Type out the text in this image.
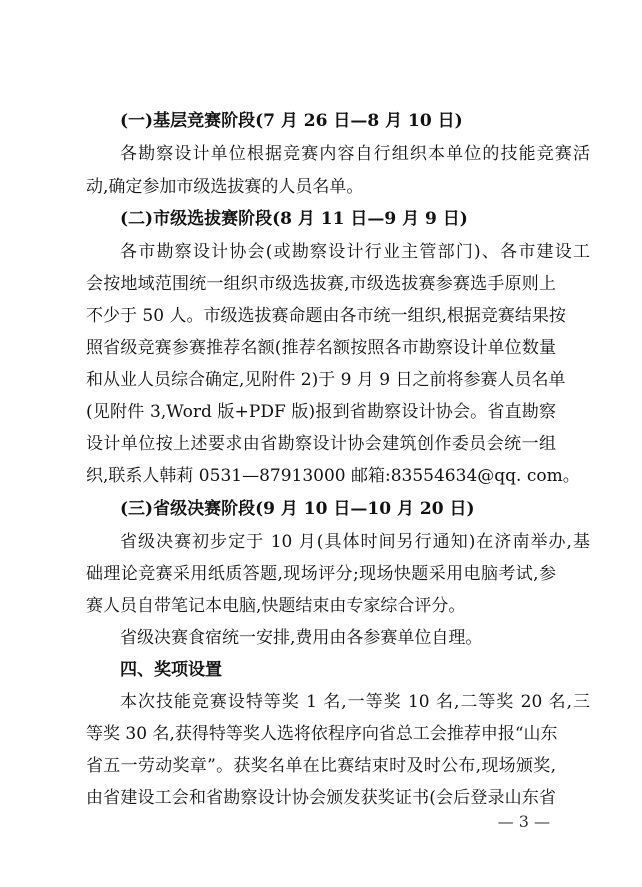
(一)基层竞赛阶段(7 月 26 日—8 月 10 日)
各勘察设计单位根据竞赛内容自行组织本单位的技能竞赛活
动,确定参加市级选拔赛的人员名单。
(二)市级选拔赛阶段(8 月 11 日—9 月 9 日)
各市勘察设计协会(或勘察设计行业主管部门)、各市建设工
会按地域范围统一组织市级选拔赛,市级选拔赛参赛选手原则上
不少于 50 人。市级选拔赛命题由各市统一组织,根据竞赛结果按
照省级竞赛参赛推荐名额(推荐名额按照各市勘察设计单位数量
和从业人员综合确定,见附件 2)于 9 月 9 日之前将参赛人员名单
(见附件 3,Word 版+PDF 版)报到省勘察设计协会。省直勘察
设计单位按上述要求由省勘察设计协会建筑创作委员会统一组
织,联系人韩莉 0531—87913000 邮箱:83554634@qq. com。
(三)省级决赛阶段(9 月 10 日—10 月 20 日)
省级决赛初步定于 10 月(具体时间另行通知)在济南举办,基
础理论竞赛采用纸质答题,现场评分;现场快题采用电脑考试,参
赛人员自带笔记本电脑,快题结束由专家综合评分。
省级决赛食宿统一安排,费用由各参赛单位自理。
四、奖项设置
本次技能竞赛设特等奖 1 名,一等奖 10 名,二等奖 20 名,三
等奖 30 名,获得特等奖人选将依程序向省总工会推荐申报“山东
省五一劳动奖章”。获奖名单在比赛结束时及时公布,现场颁奖,
由省建设工会和省勘察设计协会颁发获奖证书(会后登录山东省
— 3 —
